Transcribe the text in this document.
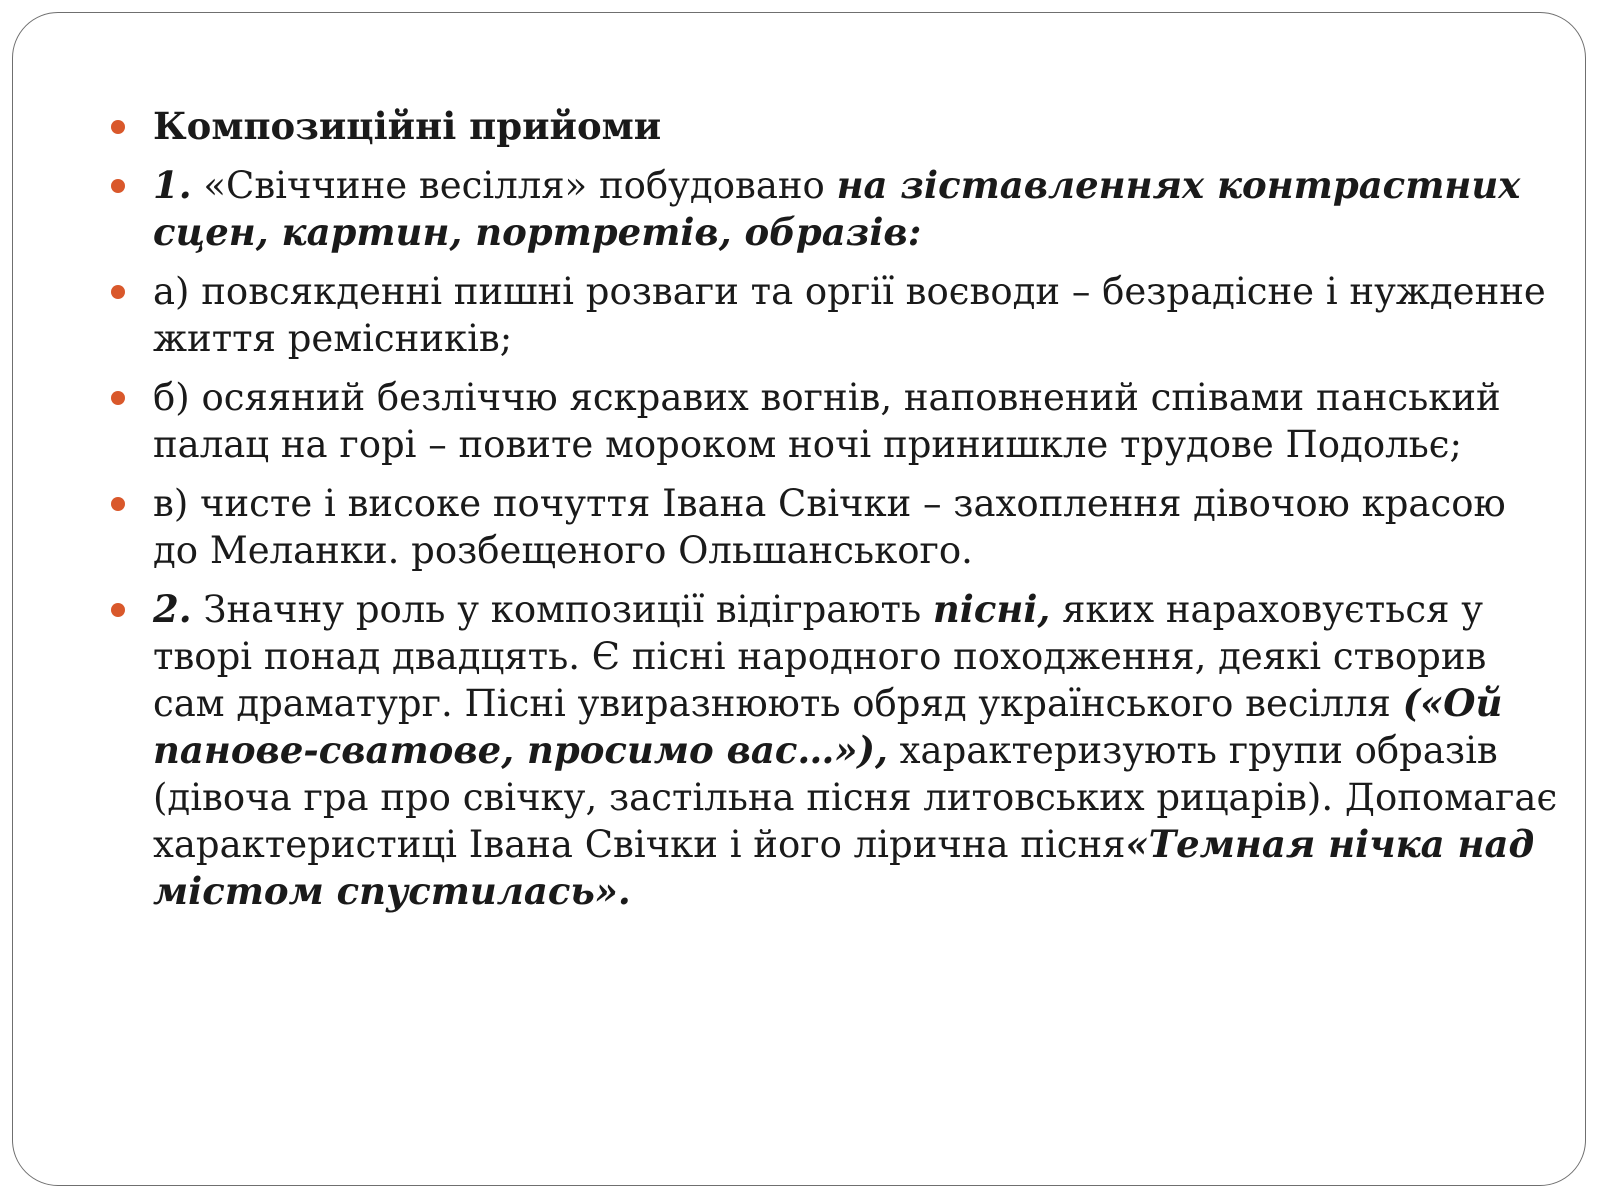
Композиційні прийоми
1. «Свіччине весілля» побудовано на зіставленнях контрастних сцен, картин, портретів, образів:
а) повсякденні пишні розваги та оргії воєводи – безрадісне і нужденне життя ремісників;
б) осяяний безліччю яскравих вогнів, наповнений співами панський палац на горі – повите мороком ночі принишкле трудове Подольє;
в) чисте і високе почуття Івана Свічки – захоплення дівочою красою до Меланки. розбещеного Ольшанського.
2. Значну роль у композиції відіграють пісні, яких нараховується у творі понад двадцять. Є пісні народного походження, деякі створив сам драматург. Пісні увиразнюють обряд українського весілля («Ой панове-сватове, просимо вас…»), характеризують групи образів (дівоча гра про свічку, застільна пісня литовських рицарів). Допомагає характеристиці Івана Свічки і його лірична пісня«Темная нічка над містом спустилась».
